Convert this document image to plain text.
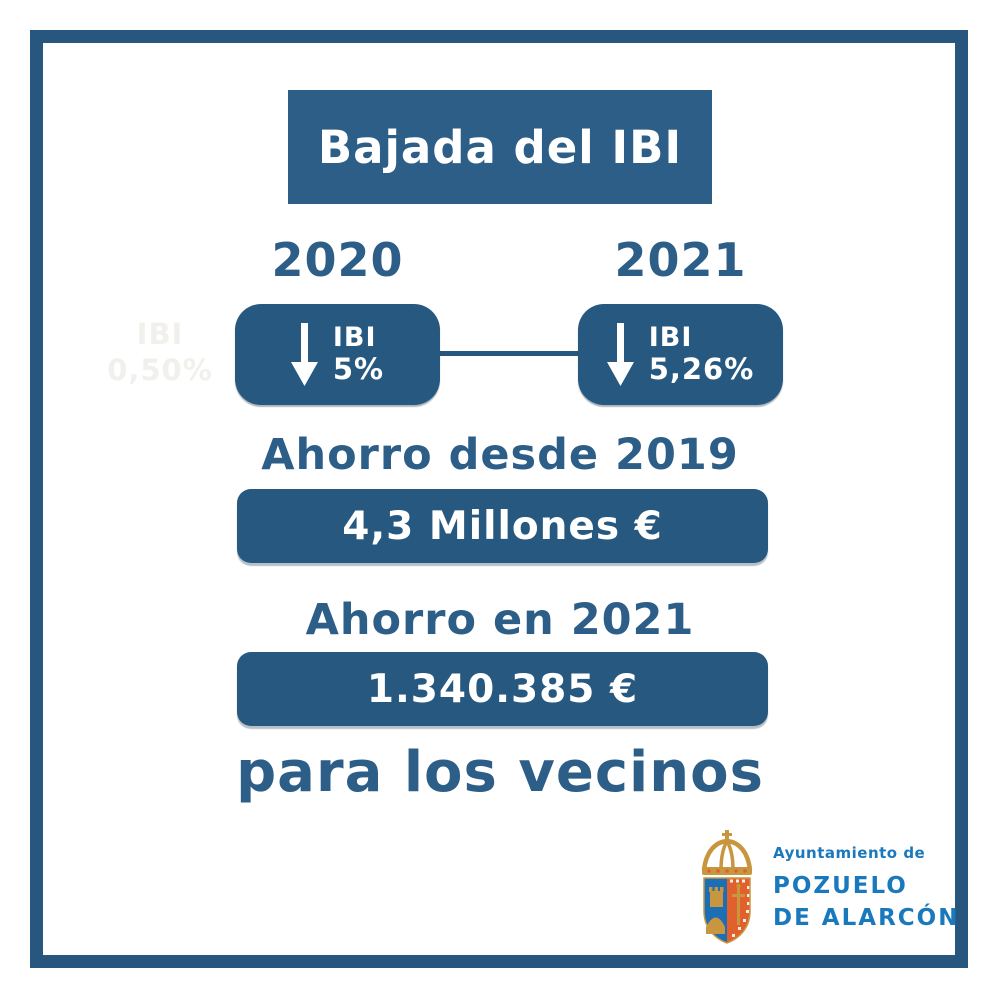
Bajada del IBI
IBI
0,50%
2020	2021
IBI
5%
IBI
5,26%
Ahorro desde 2019
4,3 Millones €
Ahorro en 2021
1.340.385 €
para los vecinos
Ayuntamiento de
POZUELO
DE ALARCÓN
